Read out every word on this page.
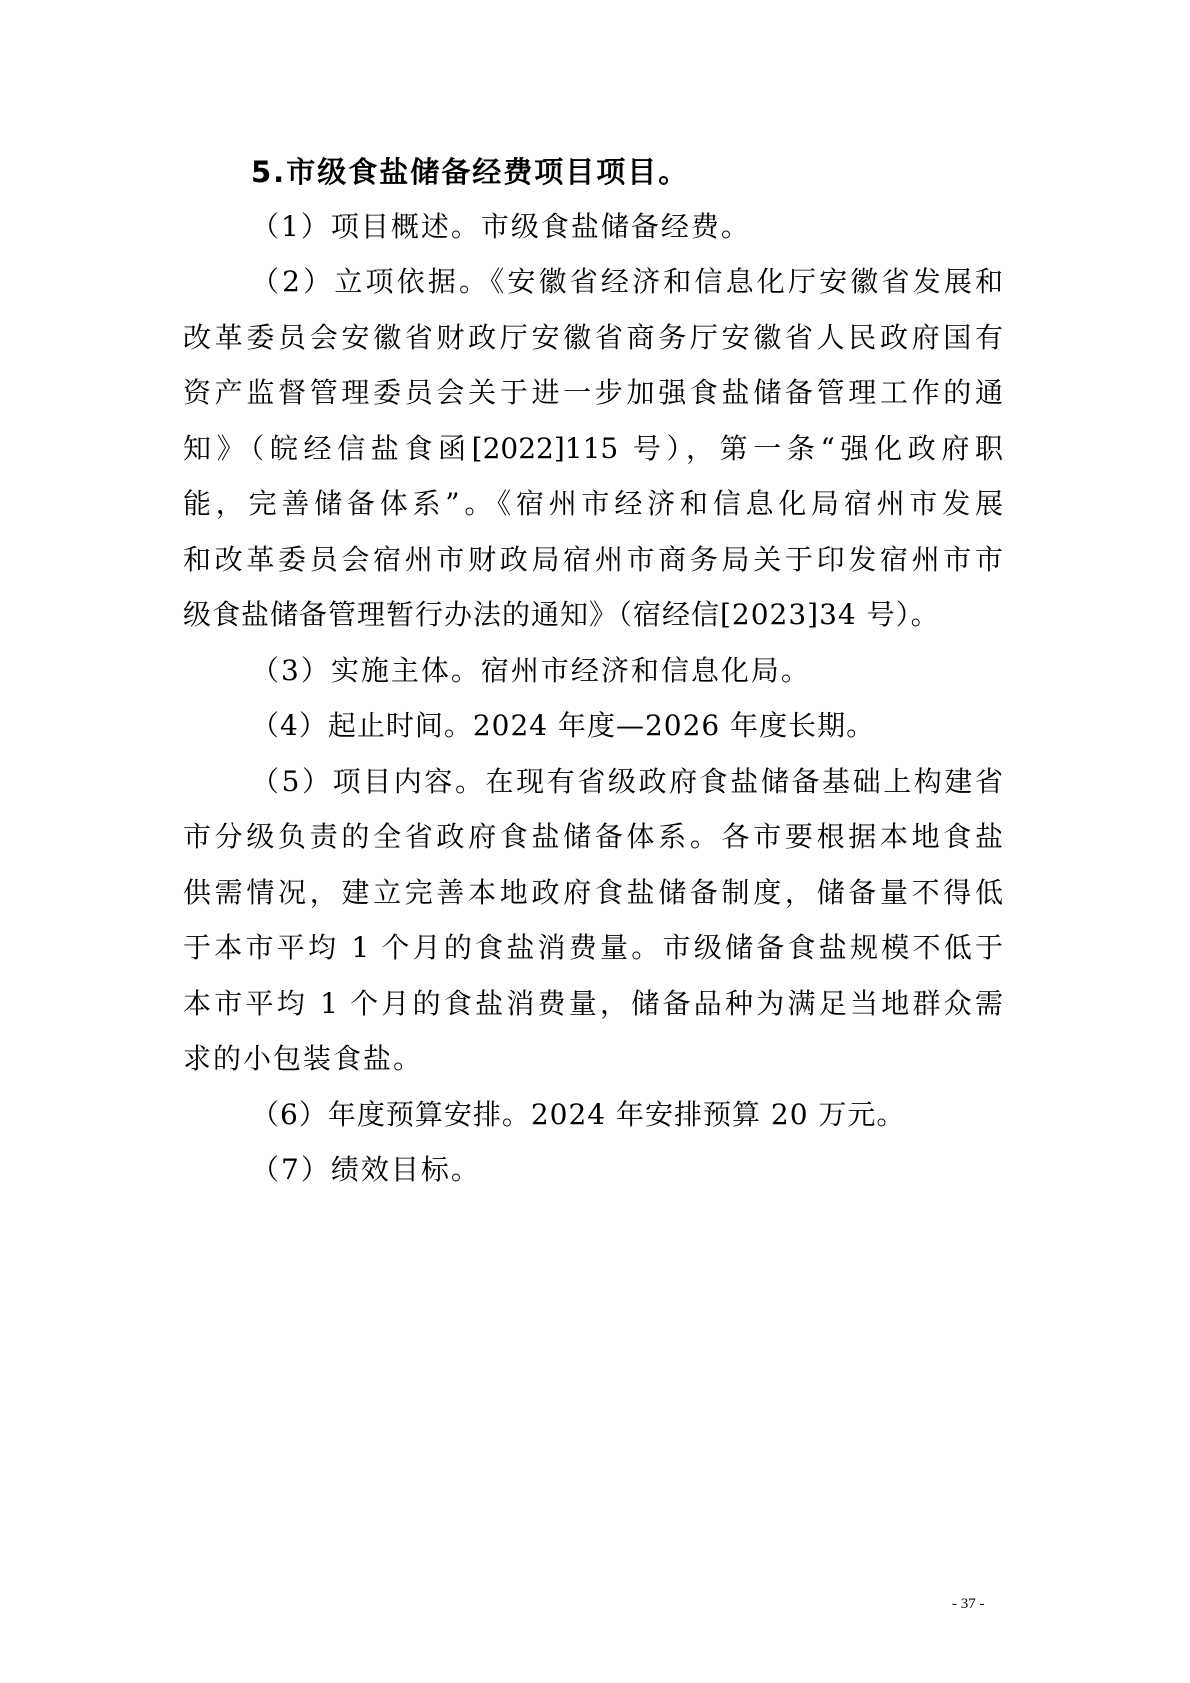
5.市级食盐储备经费项目项目。
（1）项目概述。市级食盐储备经费。
（2）立项依据。《安徽省经济和信息化厅安徽省发展和
改革委员会安徽省财政厅安徽省商务厅安徽省人民政府国有
资产监督管理委员会关于进一步加强食盐储备管理工作的通
知》（皖经信盐食函[2022]115 号），第一条“强化政府职
能，完善储备体系”。《宿州市经济和信息化局宿州市发展
和改革委员会宿州市财政局宿州市商务局关于印发宿州市市
级食盐储备管理暂行办法的通知》（宿经信[2023]34 号）。
（3）实施主体。宿州市经济和信息化局。
（4）起止时间。2024 年度—2026 年度长期。
（5）项目内容。在现有省级政府食盐储备基础上构建省
市分级负责的全省政府食盐储备体系。各市要根据本地食盐
供需情况，建立完善本地政府食盐储备制度，储备量不得低
于本市平均 1 个月的食盐消费量。市级储备食盐规模不低于
本市平均 1 个月的食盐消费量，储备品种为满足当地群众需
求的小包装食盐。
（6）年度预算安排。2024 年安排预算 20 万元。
（7）绩效目标。
- 37 -
